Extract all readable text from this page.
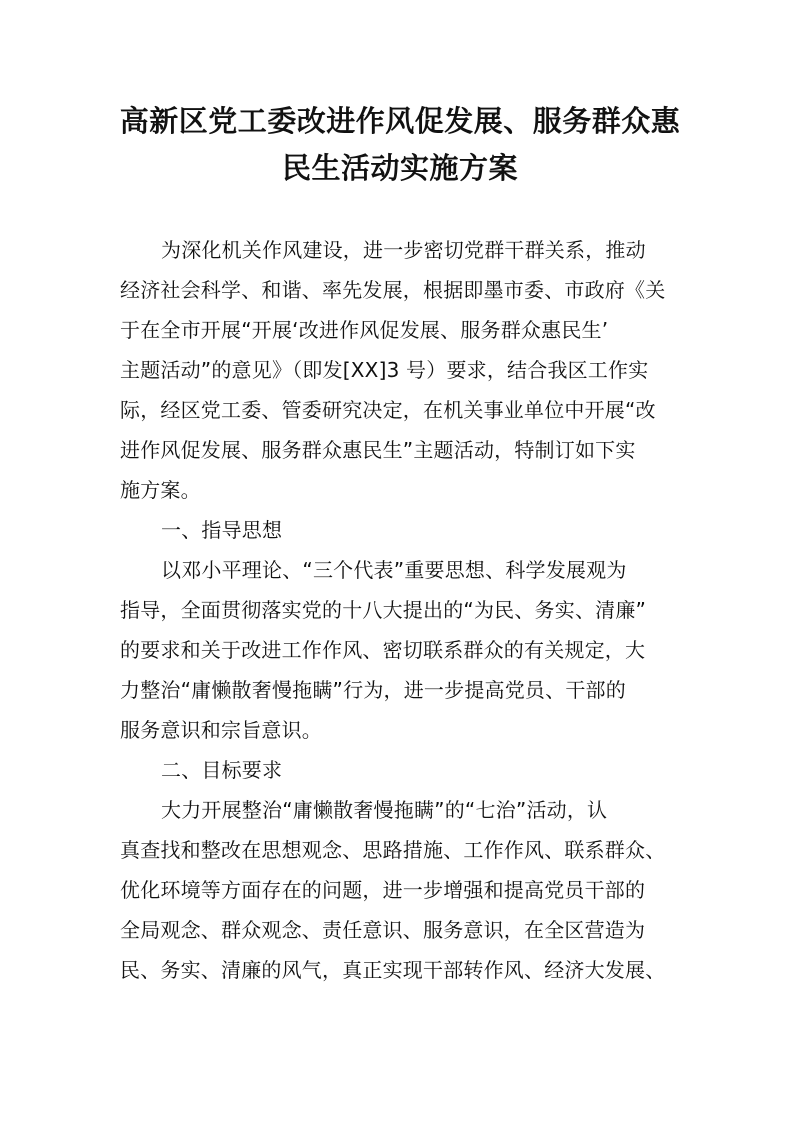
高新区党工委改进作风促发展、服务群众惠
民生活动实施方案
为深化机关作风建设，进一步密切党群干群关系，推动
经济社会科学、和谐、率先发展，根据即墨市委、市政府《关
于在全市开展“开展‘改进作风促发展、服务群众惠民生’
主题活动”的意见》（即发[XX]3 号）要求，结合我区工作实
际，经区党工委、管委研究决定，在机关事业单位中开展“改
进作风促发展、服务群众惠民生”主题活动，特制订如下实
施方案。
一、指导思想
以邓小平理论、“三个代表”重要思想、科学发展观为
指导，全面贯彻落实党的十八大提出的“为民、务实、清廉”
的要求和关于改进工作作风、密切联系群众的有关规定，大
力整治“庸懒散奢慢拖瞒”行为，进一步提高党员、干部的
服务意识和宗旨意识。
二、目标要求
大力开展整治“庸懒散奢慢拖瞒”的“七治”活动，认
真查找和整改在思想观念、思路措施、工作作风、联系群众、
优化环境等方面存在的问题，进一步增强和提高党员干部的
全局观念、群众观念、责任意识、服务意识，在全区营造为
民、务实、清廉的风气，真正实现干部转作风、经济大发展、
